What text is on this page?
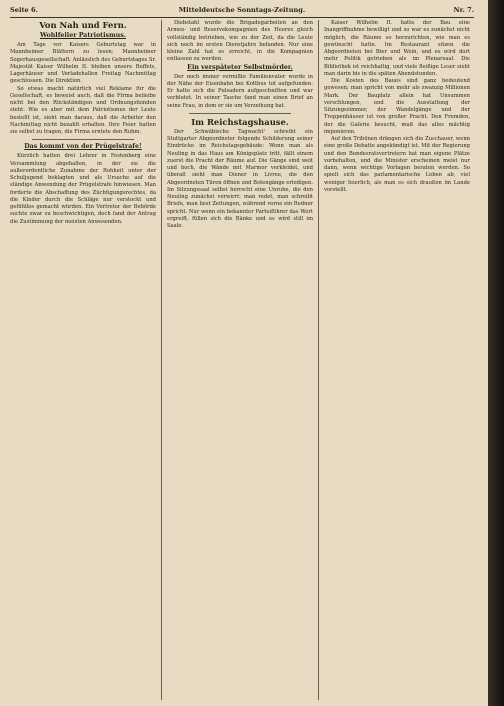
Seite 6.	Mitteldeutsche Sonntags-Zeitung.	Nr. 7.
Von Nah und Fern.
Wohlfeiler Patriotismus.

Am Tage vor Kaisers Geburtstag war in Mannheimer Blättern zu lesen: Mannheimer Sogerhausgesellschaft. Anlässlich des Geburtstages Sr. Majestät Kaiser Wilhelm II. bleiben unsere Buffets, Lagerhäuser und Verladehallen Freitag Nachmittag geschlossen. Die Direktion.

So etwas macht natürlich viel Reklame für die Gesellschaft, es beweist auch, daß die Firma beileibe nicht bei den Rückständigen und Ordnungsfeinden steht. Wie es aber mit dem Patriotismus der Leute bestellt ist, sieht man daraus, daß die Arbeiter den Nachmittag nicht bezahlt erhalten. Ihre Feier hatten sie selbst zu tragen, die Firma erntete den Ruhm.

Das kommt von der Prügelstrafe!

Kürzlich hatten drei Lehrer in Festenberg eine Versammlung abgehalten, in der sie die außerordentliche Zunahme der Rohheit unter der Schuljugend beklagten und als Ursache auf die ständige Anwendung der Prügelstrafe hinwiesen. Man forderte die Abschaffung des Züchtigungsrechtes, da die Kinder durch die Schläge nur verstockt und gefühllos gemacht würden. Ein Vertreter der Behörde suchte zwar zu beschwichtigen, doch fand der Antrag die Zustimmung der meisten Anwesenden.

Diebstahl wurde die Brigadegarbeiten an den Armee- und Reservekompagnien des Heeres gleich vollständig betrieben, wie zu der Zeit, da die Leute sich noch im ersten Dienstjahre befanden. Nur eine kleine Zahl hat es erreicht, in die Kompagnien entlassen zu werden.

Ein verspäteter Selbstmörder.

Der noch immer vermißte Familienvater wurde in der Nähe der Eisenbahn bei Kottbus tot aufgefunden. Er hatte sich die Pulsadern aufgeschnitten und war verblutet. In seiner Tasche fand man einen Brief an seine Frau, in dem er sie um Verzeihung bat.

Im Reichstagshause.

Der ‚Schwäbische Tagwacht' schreibt ein Stuttgarter Abgeordneter folgende Schilderung seiner Eindrücke im Reichstagsgebäude: Wenn man als Neuling in das Haus am Königsplatz tritt, fällt einem zuerst die Pracht der Räume auf. Die Gänge sind weit und hoch, die Wände mit Marmor verkleidet, und überall sieht man Diener in Livree, die den Abgeordneten Türen öffnen und Botengänge erledigen. Im Sitzungssaal selbst herrscht eine Unruhe, die den Neuling zunächst verwirrt: man redet, man schreibt Briefe, man liest Zeitungen, während vorne ein Redner spricht. Nur wenn ein bekannter Parteiführer das Wort ergreift, füllen sich die Bänke und es wird still im Saale.

Kaiser Wilhelm II. hatte der Bau eine Inangriffnahme bewilligt und so war es zunächst nicht möglich, die Räume so herzurichten, wie man es gewünscht hatte. Im Restaurant sitzen die Abgeordneten bei Bier und Wein, und es wird dort mehr Politik getrieben als im Plenarsaal. Die Bibliothek ist reichhaltig, und viele fleißige Leser sieht man darin bis in die späten Abendstunden.

Die Kosten des Baues sind ganz bedeutend gewesen; man spricht von mehr als zwanzig Millionen Mark. Der Bauplatz allein hat Unsummen verschlungen, und die Ausstattung der Sitzungszimmer, der Wandelgänge und der Treppenhäuser ist von großer Pracht. Den Fremden, der die Galerie besucht, muß das alles mächtig imponieren.

Auf den Tribünen drängen sich die Zuschauer, wenn eine große Debatte angekündigt ist. Mit der Regierung und den Bundesratsvertretern hat man eigene Plätze vorbehalten, und die Minister erscheinen meist nur dann, wenn wichtige Vorlagen beraten werden. So spielt sich das parlamentarische Leben ab, viel weniger feierlich, als man es sich draußen im Lande vorstellt.
